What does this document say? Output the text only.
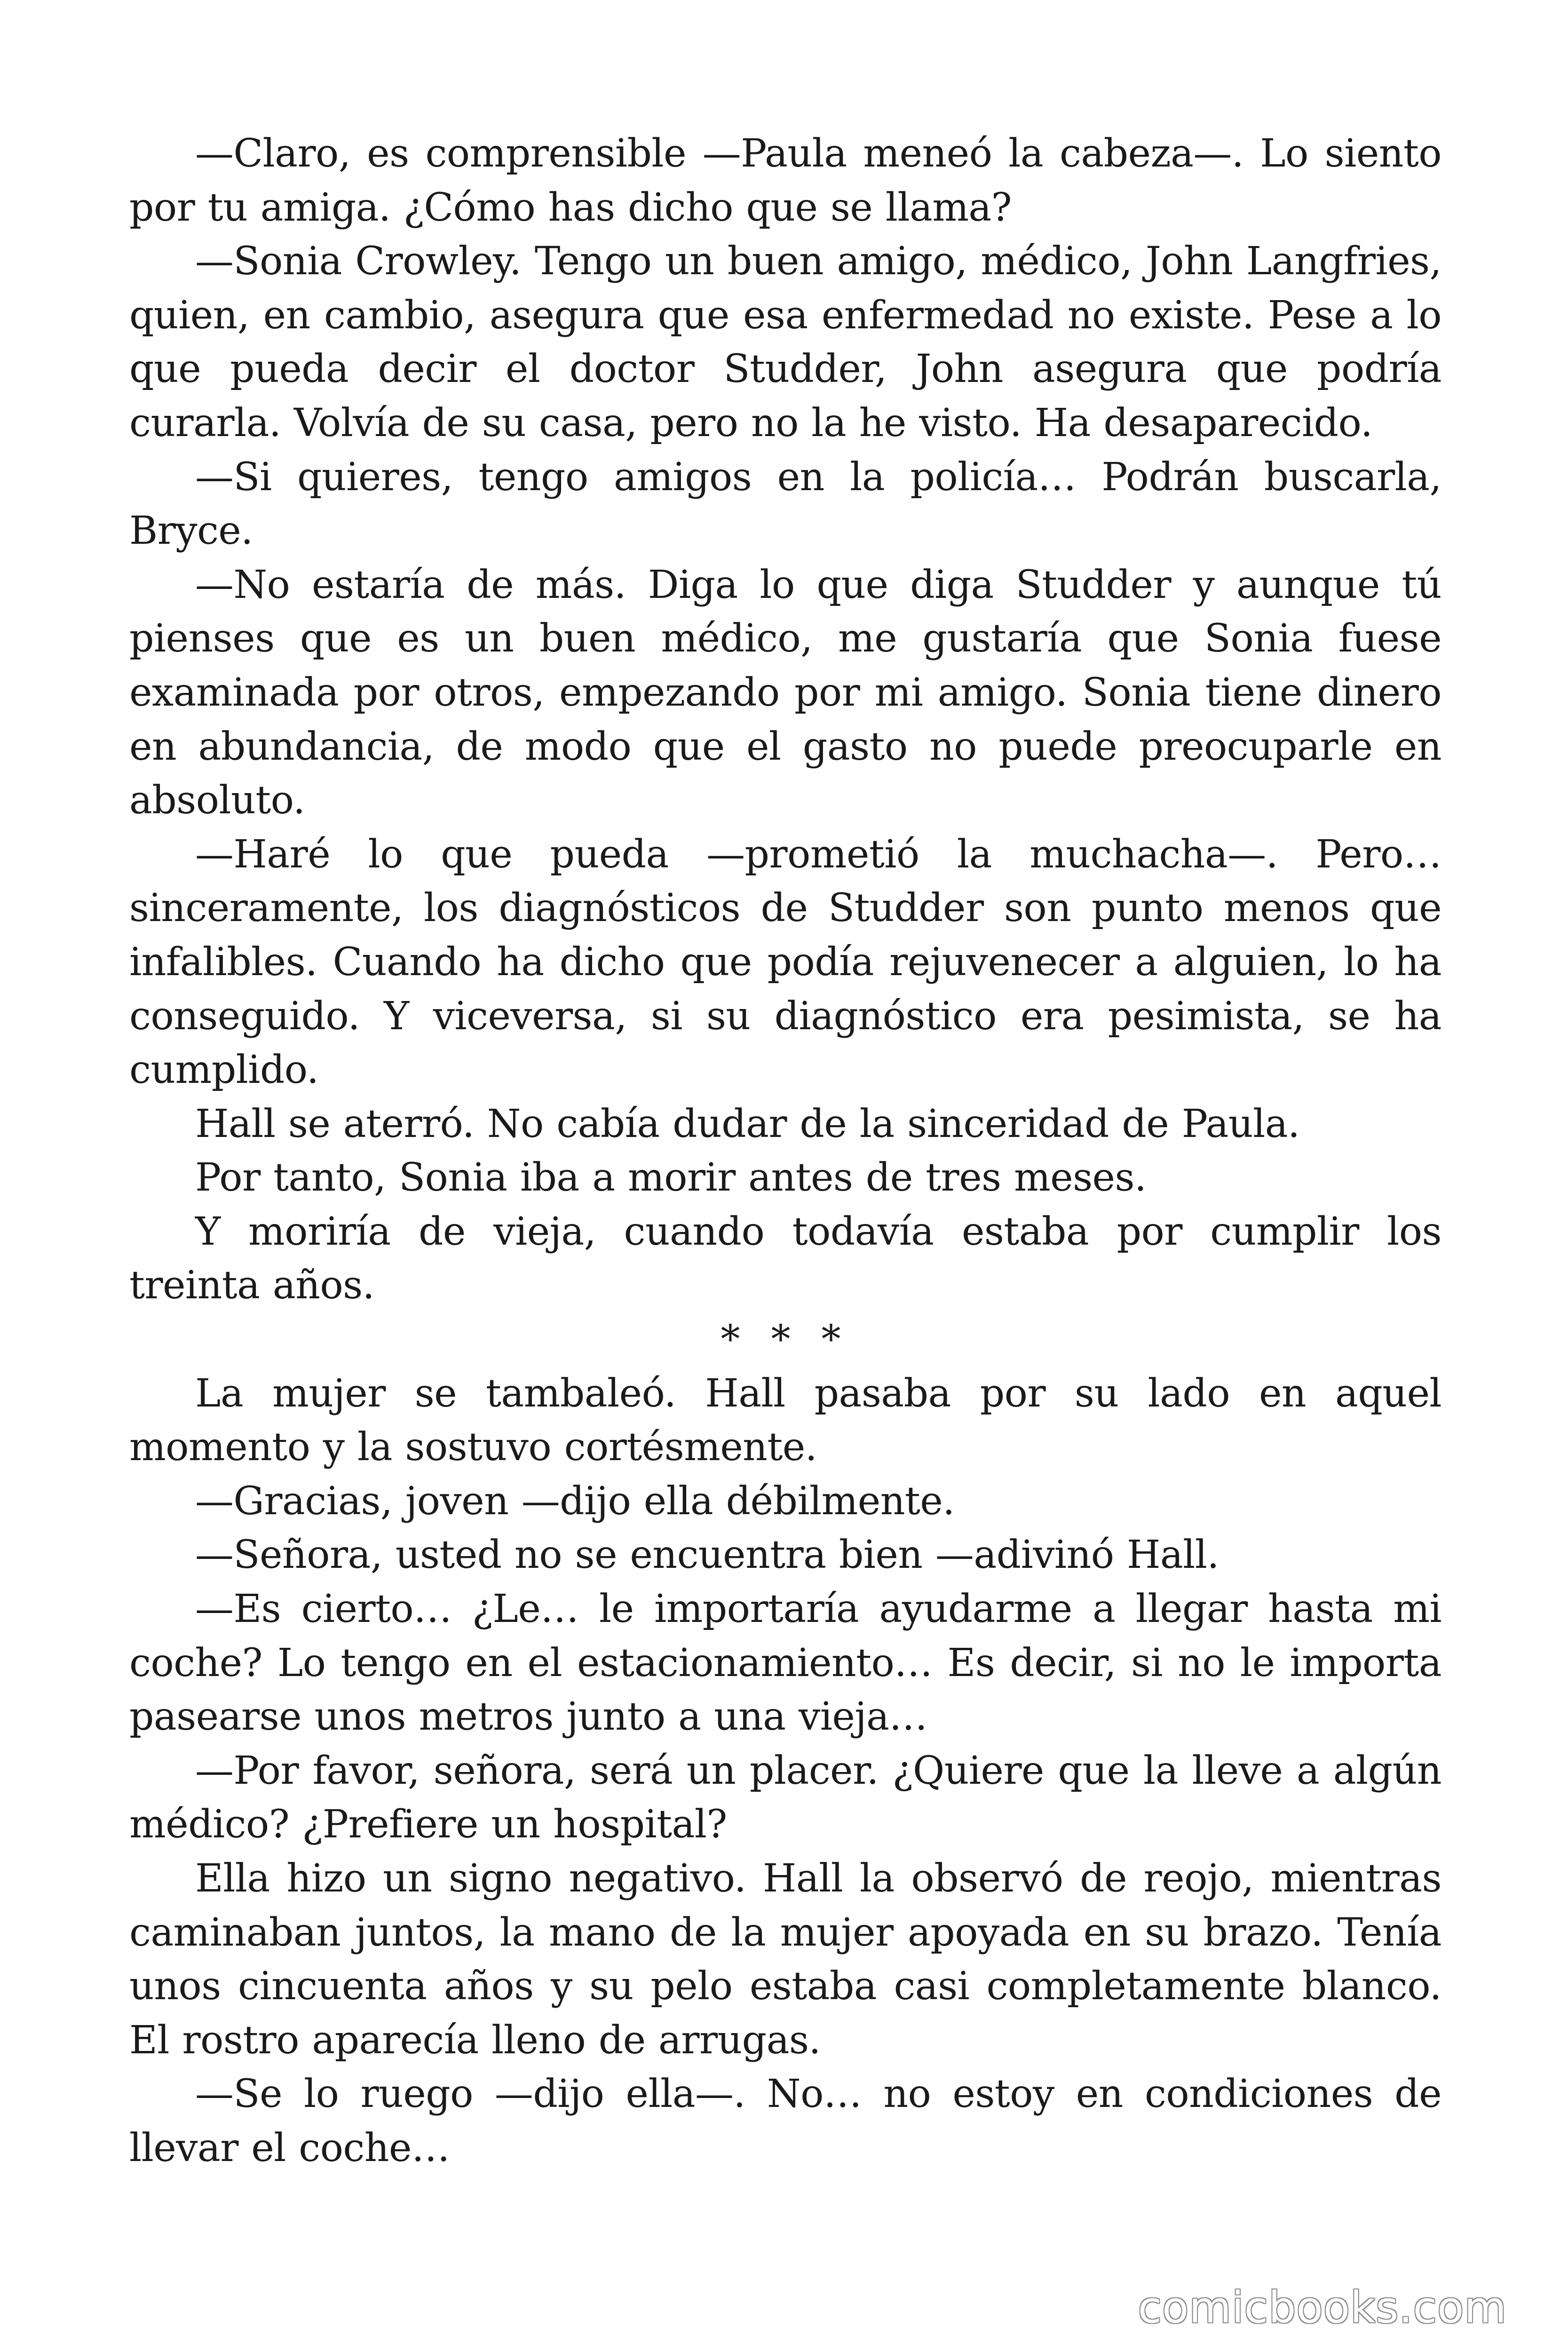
—Claro, es comprensible —Paula meneó la cabeza—. Lo siento por tu amiga. ¿Cómo has dicho que se llama?

—Sonia Crowley. Tengo un buen amigo, médico, John Langfries, quien, en cambio, asegura que esa enfermedad no existe. Pese a lo que pueda decir el doctor Studder, John asegura que podría curarla. Volvía de su casa, pero no la he visto. Ha desaparecido.

—Si quieres, tengo amigos en la policía… Podrán buscarla, Bryce.

—No estaría de más. Diga lo que diga Studder y aunque tú pienses que es un buen médico, me gustaría que Sonia fuese examinada por otros, empezando por mi amigo. Sonia tiene dinero en abundancia, de modo que el gasto no puede preocuparle en absoluto.

—Haré lo que pueda —prometió la muchacha—. Pero… sinceramente, los diagnósticos de Studder son punto menos que infalibles. Cuando ha dicho que podía rejuvenecer a alguien, lo ha conseguido. Y viceversa, si su diagnóstico era pesimista, se ha cumplido.

Hall se aterró. No cabía dudar de la sinceridad de Paula.

Por tanto, Sonia iba a morir antes de tres meses.

Y moriría de vieja, cuando todavía estaba por cumplir los treinta años.

* * *

La mujer se tambaleó. Hall pasaba por su lado en aquel momento y la sostuvo cortésmente.

—Gracias, joven —dijo ella débilmente.

—Señora, usted no se encuentra bien —adivinó Hall.

—Es cierto… ¿Le… le importaría ayudarme a llegar hasta mi coche? Lo tengo en el estacionamiento… Es decir, si no le importa pasearse unos metros junto a una vieja…

—Por favor, señora, será un placer. ¿Quiere que la lleve a algún médico? ¿Prefiere un hospital?

Ella hizo un signo negativo. Hall la observó de reojo, mientras caminaban juntos, la mano de la mujer apoyada en su brazo. Tenía unos cincuenta años y su pelo estaba casi completamente blanco. El rostro aparecía lleno de arrugas.

—Se lo ruego —dijo ella—. No… no estoy en condiciones de llevar el coche…

comicbooks.com
